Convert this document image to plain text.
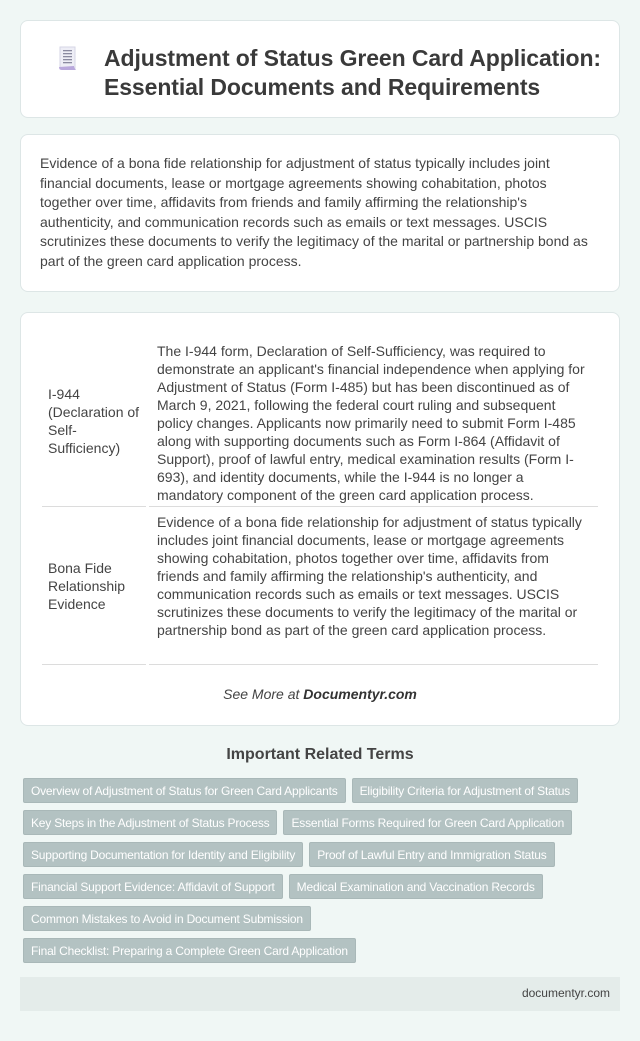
Adjustment of Status Green Card Application: Essential Documents and Requirements

Evidence of a bona fide relationship for adjustment of status typically includes joint financial documents, lease or mortgage agreements showing cohabitation, photos together over time, affidavits from friends and family affirming the relationship's authenticity, and communication records such as emails or text messages. USCIS scrutinizes these documents to verify the legitimacy of the marital or partnership bond as part of the green card application process.

I-944 (Declaration of Self-Sufficiency)
The I-944 form, Declaration of Self-Sufficiency, was required to demonstrate an applicant's financial independence when applying for Adjustment of Status (Form I-485) but has been discontinued as of March 9, 2021, following the federal court ruling and subsequent policy changes. Applicants now primarily need to submit Form I-485 along with supporting documents such as Form I-864 (Affidavit of Support), proof of lawful entry, medical examination results (Form I-693), and identity documents, while the I-944 is no longer a mandatory component of the green card application process.
Bona Fide Relationship Evidence
Evidence of a bona fide relationship for adjustment of status typically includes joint financial documents, lease or mortgage agreements showing cohabitation, photos together over time, affidavits from friends and family affirming the relationship's authenticity, and communication records such as emails or text messages. USCIS scrutinizes these documents to verify the legitimacy of the marital or partnership bond as part of the green card application process.
See More at Documentyr.com
Important Related Terms
Overview of Adjustment of Status for Green Card Applicants	Eligibility Criteria for Adjustment of Status
Key Steps in the Adjustment of Status Process	Essential Forms Required for Green Card Application
Supporting Documentation for Identity and Eligibility	Proof of Lawful Entry and Immigration Status
Financial Support Evidence: Affidavit of Support	Medical Examination and Vaccination Records
Common Mistakes to Avoid in Document Submission
Final Checklist: Preparing a Complete Green Card Application
documentyr.com
